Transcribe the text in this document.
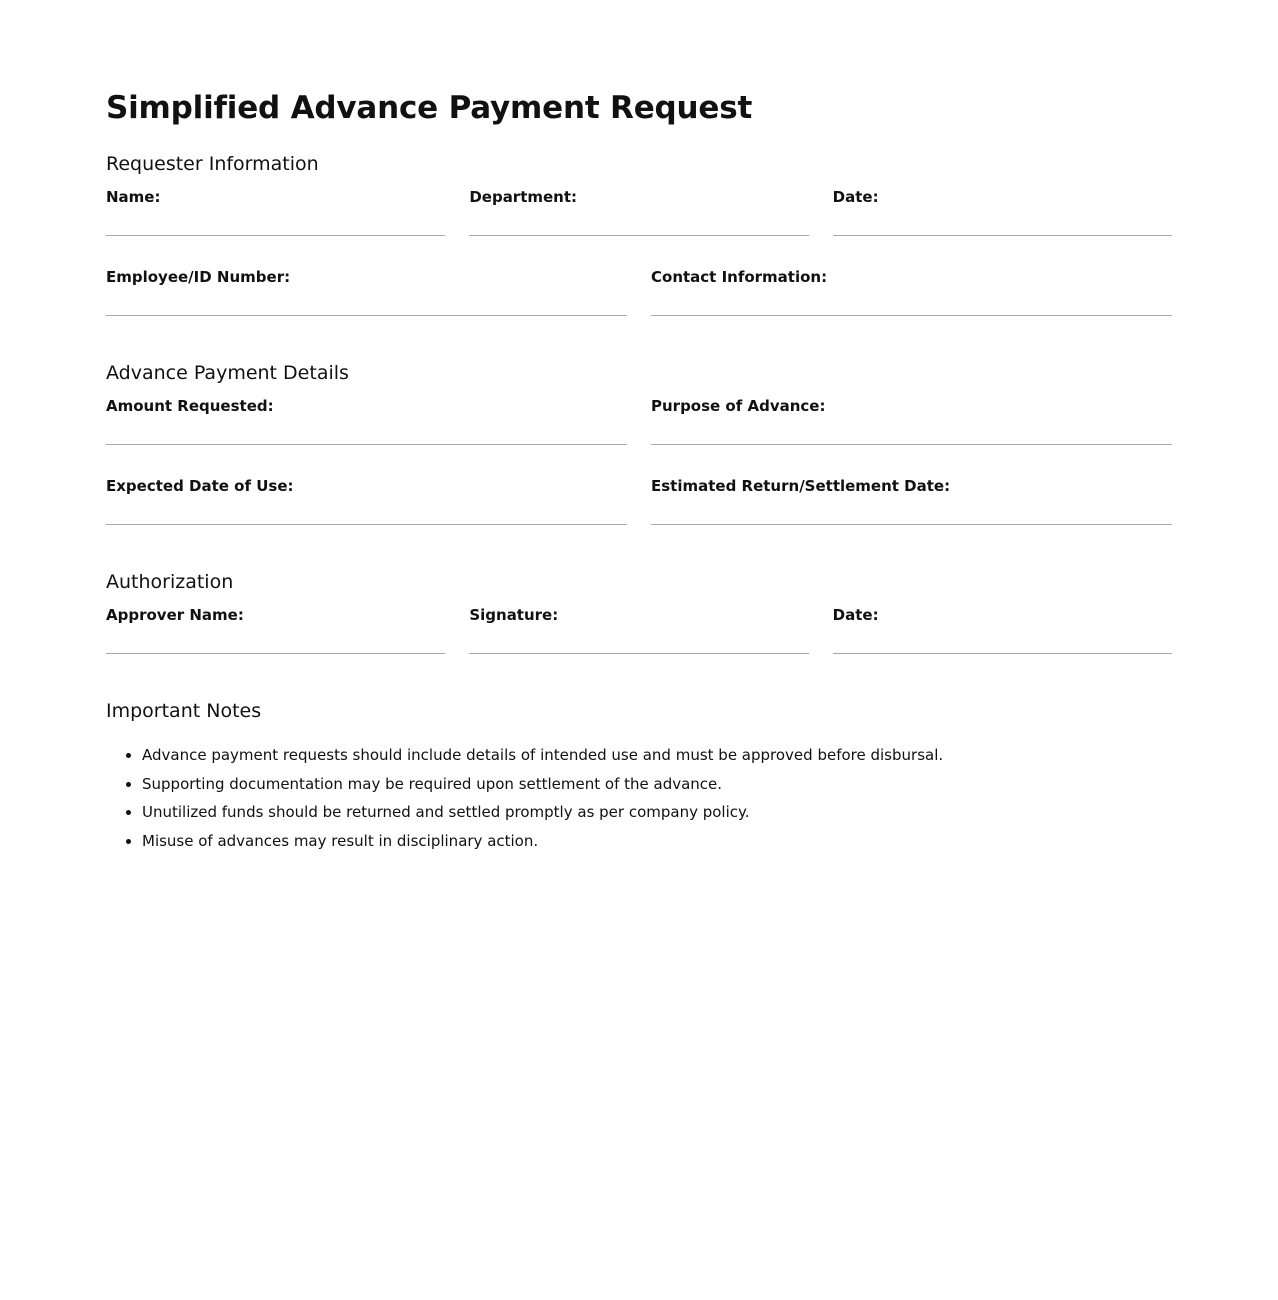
Simplified Advance Payment Request
Requester Information
Name:	Department:	Date:
Employee/ID Number:	Contact Information:
Advance Payment Details
Amount Requested:	Purpose of Advance:
Expected Date of Use:	Estimated Return/Settlement Date:
Authorization
Approver Name:	Signature:	Date:
Important Notes
• Advance payment requests should include details of intended use and must be approved before disbursal.
• Supporting documentation may be required upon settlement of the advance.
• Unutilized funds should be returned and settled promptly as per company policy.
• Misuse of advances may result in disciplinary action.
